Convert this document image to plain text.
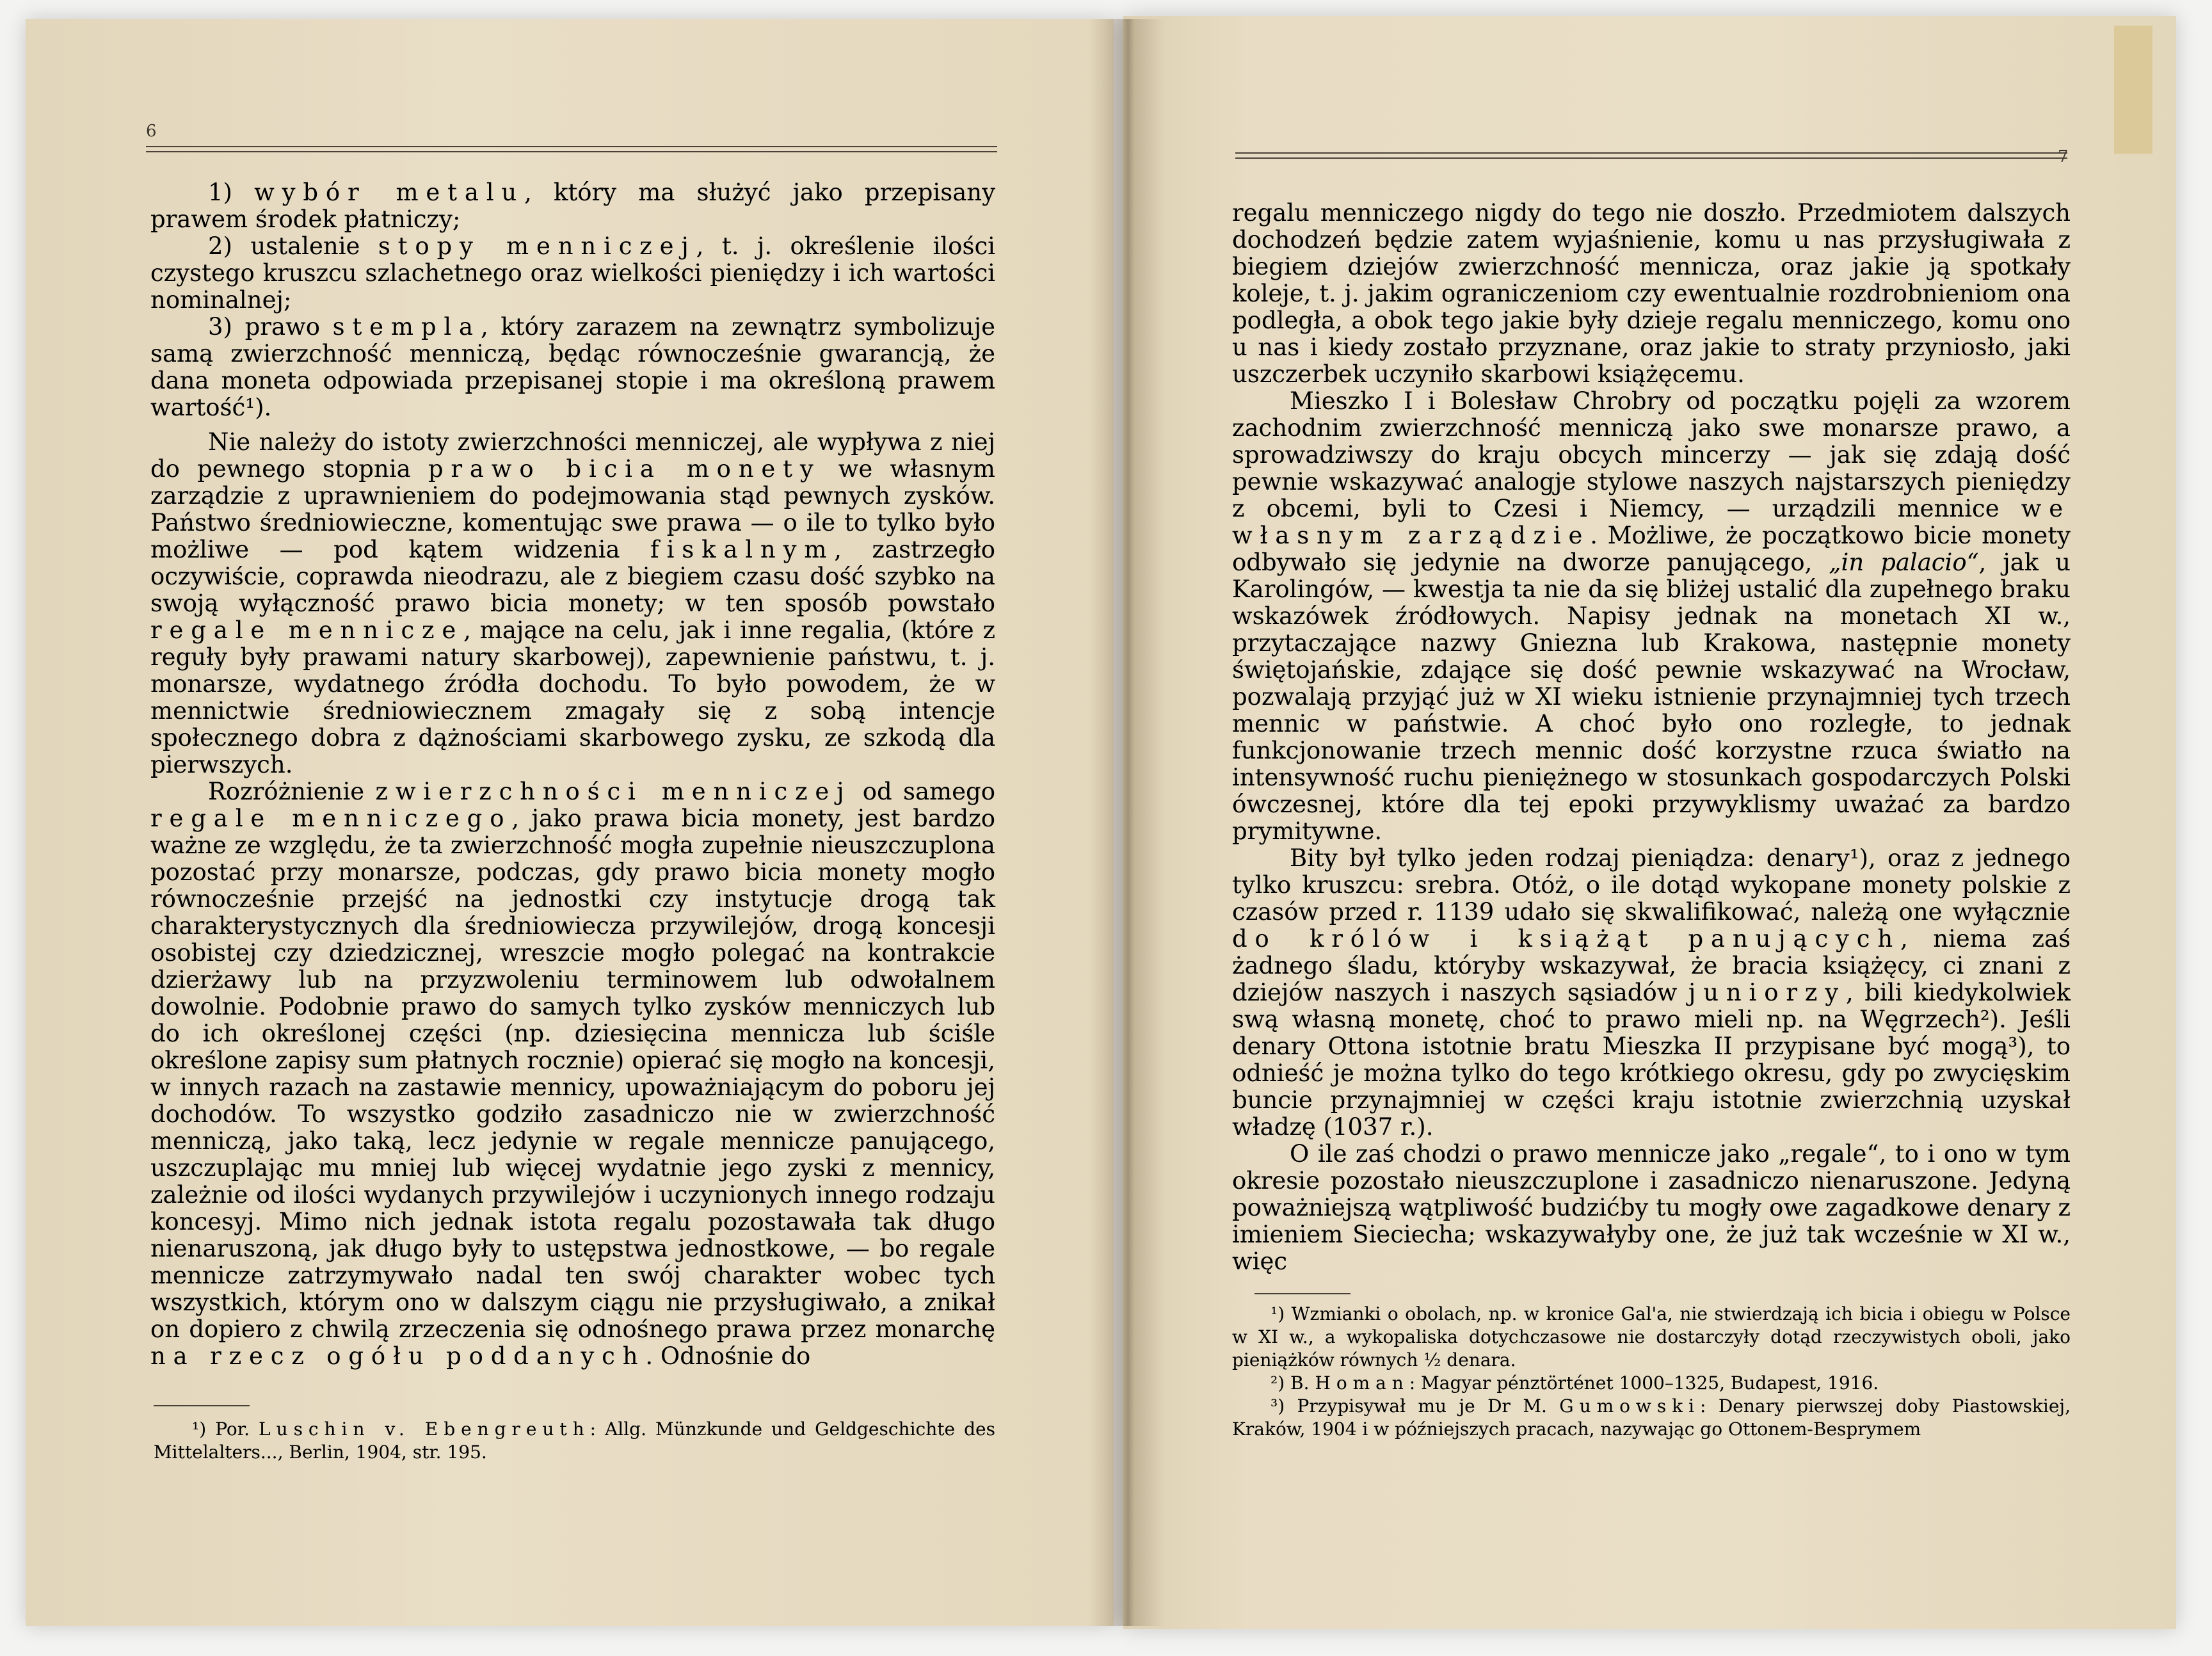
6

1) wybór metalu, który ma służyć jako przepisany prawem środek płatniczy;

2) ustalenie stopy menniczej, t. j. określenie ilości czystego kruszcu szlachetnego oraz wielkości pieniędzy i ich wartości nominalnej;

3) prawo stempla, który zarazem na zewnątrz symbolizuje samą zwierzchność menniczą, będąc równocześnie gwarancją, że dana moneta odpowiada przepisanej stopie i ma określoną prawem wartość¹).

Nie należy do istoty zwierzchności menniczej, ale wypływa z niej do pewnego stopnia prawo bicia monety we własnym zarządzie z uprawnieniem do podejmowania stąd pewnych zysków. Państwo średniowieczne, komentując swe prawa — o ile to tylko było możliwe — pod kątem widzenia fiskalnym, zastrzegło oczywiście, coprawda nieodrazu, ale z biegiem czasu dość szybko na swoją wyłączność prawo bicia monety; w ten sposób powstało regale mennicze, mające na celu, jak i inne regalia, (które z reguły były prawami natury skarbowej), zapewnienie państwu, t. j. monarsze, wydatnego źródła dochodu. To było powodem, że w mennictwie średniowiecznem zmagały się z sobą intencje społecznego dobra z dążnościami skarbowego zysku, ze szkodą dla pierwszych.

Rozróżnienie zwierzchności menniczej od samego regale menniczego, jako prawa bicia monety, jest bardzo ważne ze względu, że ta zwierzchność mogła zupełnie nieuszczuplona pozostać przy monarsze, podczas, gdy prawo bicia monety mogło równocześnie przejść na jednostki czy instytucje drogą tak charakterystycznych dla średniowiecza przywilejów, drogą koncesji osobistej czy dziedzicznej, wreszcie mogło polegać na kontrakcie dzierżawy lub na przyzwoleniu terminowem lub odwołalnem dowolnie. Podobnie prawo do samych tylko zysków menniczych lub do ich określonej części (np. dziesięcina mennicza lub ściśle określone zapisy sum płatnych rocznie) opierać się mogło na koncesji, w innych razach na zastawie mennicy, upoważniającym do poboru jej dochodów. To wszystko godziło zasadniczo nie w zwierzchność menniczą, jako taką, lecz jedynie w regale mennicze panującego, uszczuplając mu mniej lub więcej wydatnie jego zyski z mennicy, zależnie od ilości wydanych przywilejów i uczynionych innego rodzaju koncesyj. Mimo nich jednak istota regalu pozostawała tak długo nienaruszoną, jak długo były to ustępstwa jednostkowe, — bo regale mennicze zatrzymywało nadal ten swój charakter wobec tych wszystkich, którym ono w dalszym ciągu nie przysługiwało, a znikał on dopiero z chwilą zrzeczenia się odnośnego prawa przez monarchę na rzecz ogółu poddanych. Odnośnie do

¹) Por. Luschin v. Ebengreuth: Allg. Münzkunde und Geldgeschichte des Mittelalters..., Berlin, 1904, str. 195.

7

regalu menniczego nigdy do tego nie doszło. Przedmiotem dalszych dochodzeń będzie zatem wyjaśnienie, komu u nas przysługiwała z biegiem dziejów zwierzchność mennicza, oraz jakie ją spotkały koleje, t. j. jakim ograniczeniom czy ewentualnie rozdrobnieniom ona podległa, a obok tego jakie były dzieje regalu menniczego, komu ono u nas i kiedy zostało przyznane, oraz jakie to straty przyniosło, jaki uszczerbek uczyniło skarbowi książęcemu.

Mieszko I i Bolesław Chrobry od początku pojęli za wzorem zachodnim zwierzchność menniczą jako swe monarsze prawo, a sprowadziwszy do kraju obcych mincerzy — jak się zdają dość pewnie wskazywać analogje stylowe naszych najstarszych pieniędzy z obcemi, byli to Czesi i Niemcy, — urządzili mennice we własnym zarządzie. Możliwe, że początkowo bicie monety odbywało się jedynie na dworze panującego, „in palacio“, jak u Karolingów, — kwestja ta nie da się bliżej ustalić dla zupełnego braku wskazówek źródłowych. Napisy jednak na monetach XI w., przytaczające nazwy Gniezna lub Krakowa, następnie monety świętojańskie, zdające się dość pewnie wskazywać na Wrocław, pozwalają przyjąć już w XI wieku istnienie przynajmniej tych trzech mennic w państwie. A choć było ono rozległe, to jednak funkcjonowanie trzech mennic dość korzystne rzuca światło na intensywność ruchu pieniężnego w stosunkach gospodarczych Polski ówczesnej, które dla tej epoki przywyklismy uważać za bardzo prymitywne.

Bity był tylko jeden rodzaj pieniądza: denary¹), oraz z jednego tylko kruszcu: srebra. Otóż, o ile dotąd wykopane monety polskie z czasów przed r. 1139 udało się skwalifikować, należą one wyłącznie do królów i książąt panujących, niema zaś żadnego śladu, któryby wskazywał, że bracia książęcy, ci znani z dziejów naszych i naszych sąsiadów juniorzy, bili kiedykolwiek swą własną monetę, choć to prawo mieli np. na Węgrzech²). Jeśli denary Ottona istotnie bratu Mieszka II przypisane być mogą³), to odnieść je można tylko do tego krótkiego okresu, gdy po zwycięskim buncie przynajmniej w części kraju istotnie zwierzchnią uzyskał władzę (1037 r.).

O ile zaś chodzi o prawo mennicze jako „regale“, to i ono w tym okresie pozostało nieuszczuplone i zasadniczo nienaruszone. Jedyną poważniejszą wątpliwość budzićby tu mogły owe zagadkowe denary z imieniem Sieciecha; wskazywałyby one, że już tak wcześnie w XI w., więc

¹) Wzmianki o obolach, np. w kronice Gal'a, nie stwierdzają ich bicia i obiegu w Polsce w XI w., a wykopaliska dotychczasowe nie dostarczyły dotąd rzeczywistych oboli, jako pieniążków równych ½ denara.

²) B. Homan: Magyar pénztörténet 1000–1325, Budapest, 1916.

³) Przypisywał mu je Dr M. Gumowski: Denary pierwszej doby Piastowskiej, Kraków, 1904 i w późniejszych pracach, nazywając go Ottonem-Besprymem
